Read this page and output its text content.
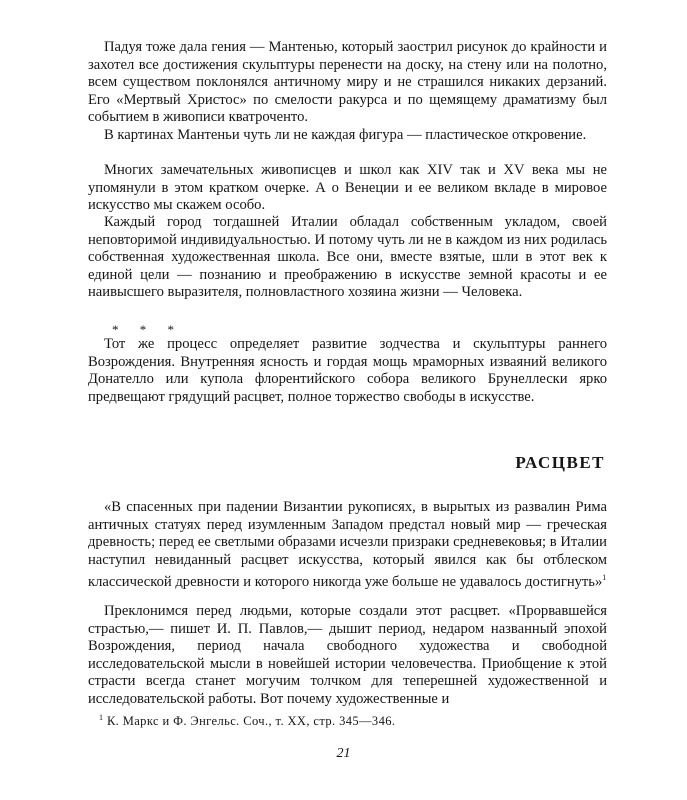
Падуя тоже дала гения — Мантенью, который заострил рисунок до крайности и захотел все достижения скульптуры перенести на доску, на стену или на полотно, всем существом поклонялся античному миру и не страшился никаких дерзаний. Его «Мертвый Христос» по смелости ракурса и по щемящему драматизму был событием в живописи кватроченто.

В картинах Мантеньи чуть ли не каждая фигура — пластическое откровение.

Многих замечательных живописцев и школ как XIV так и XV века мы не упомянули в этом кратком очерке. А о Венеции и ее великом вкладе в мировое искусство мы скажем особо.

Каждый город тогдашней Италии обладал собственным укладом, своей неповторимой индивидуальностью. И потому чуть ли не в каждом из них родилась собственная художественная школа. Все они, вместе взятые, шли в этот век к единой цели — познанию и преображению в искусстве земной красоты и ее наивысшего выразителя, полновластного хозяина жизни — Человека.

* * *

Тот же процесс определяет развитие зодчества и скульптуры раннего Возрождения. Внутренняя ясность и гордая мощь мраморных изваяний великого Донателло или купола флорентийского собора великого Брунеллески ярко предвещают грядущий расцвет, полное торжество свободы в искусстве.

РАСЦВЕТ

«В спасенных при падении Византии рукописях, в вырытых из развалин Рима античных статуях перед изумленным Западом предстал новый мир — греческая древность; перед ее светлыми образами исчезли призраки средневековья; в Италии наступил невиданный расцвет искусства, который явился как бы отблеском классической древности и которого никогда уже больше не удавалось достигнуть»$^1$

Преклонимся перед людьми, которые создали этот расцвет. «Прорвавшейся страстью,— пишет И. П. Павлов,— дышит период, недаром названный эпохой Возрождения, период начала свободного художества и свободной исследовательской мысли в новейшей истории человечества. Приобщение к этой страсти всегда станет могучим толчком для теперешней художественной и исследовательской работы. Вот почему художественные и

$^1$ К. Маркс и Ф. Энгельс. Соч., т. XX, стр. 345—346.

21
